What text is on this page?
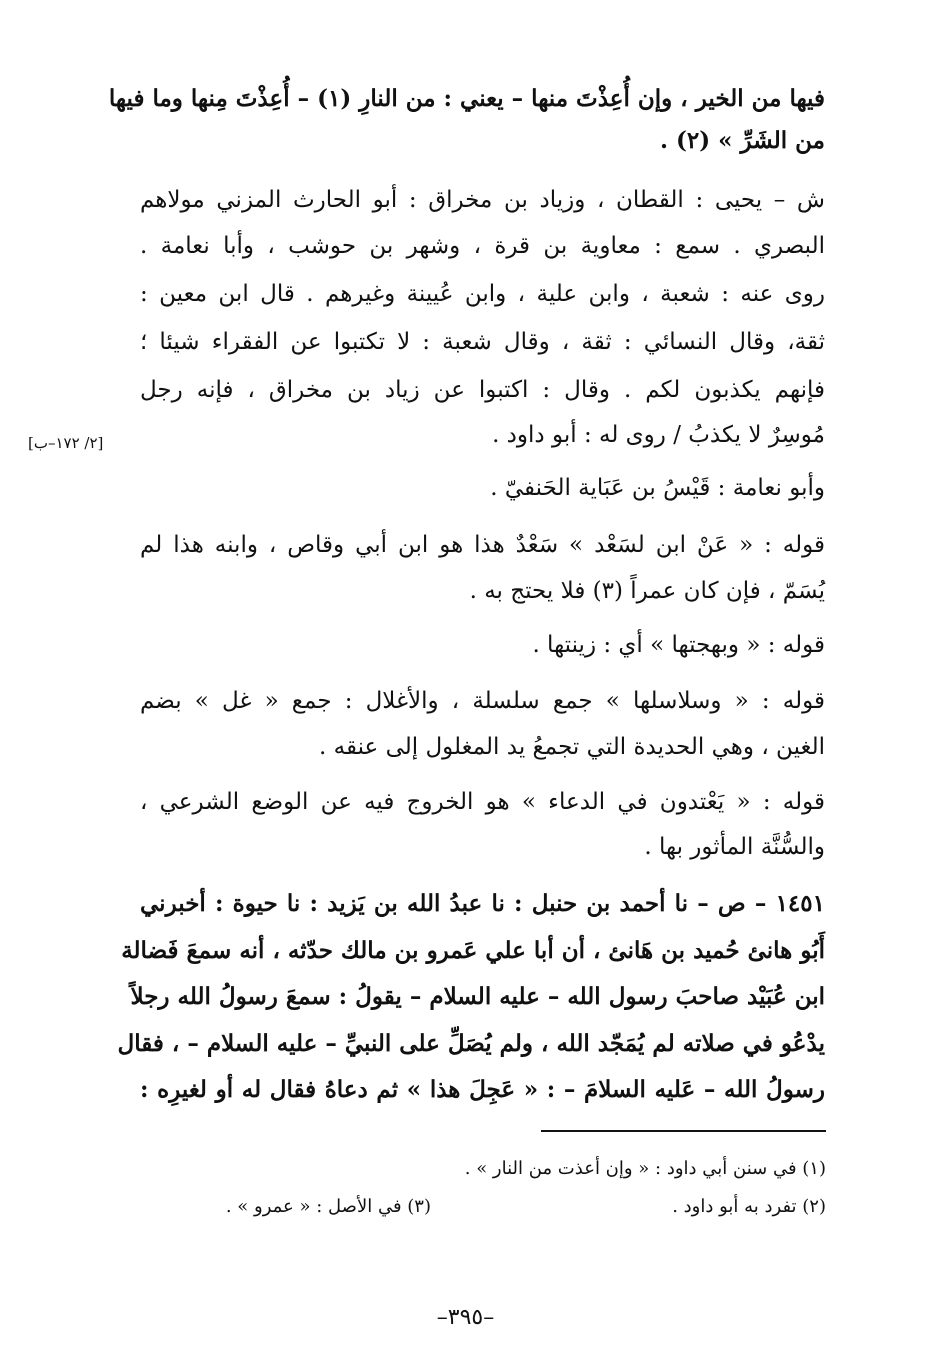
فيها من الخير ، وإن أُعِذْتَ منها – يعني : من النارِ (١) – أُعِذْتَ مِنها وما فيها
من الشَرِّ » (٢) .
ش – يحيى : القطان ، وزياد بن مخراق : أبو الحارث المزني مولاهم
البصري . سمع : معاوية بن قرة ، وشهر بن حوشب ، وأبا نعامة .
روى عنه : شعبة ، وابن علية ، وابن عُيينة وغيرهم . قال ابن معين :
ثقة، وقال النسائي : ثقة ، وقال شعبة : لا تكتبوا عن الفقراء شيئا ؛
فإنهم يكذبون لكم . وقال : اكتبوا عن زياد بن مخراق ، فإنه رجل
مُوسِرٌ لا يكذبُ / روى له : أبو داود .
وأبو نعامة : قَيْسُ بن عَبَاية الحَنفيّ .
قوله : « عَنْ ابن لسَعْد » سَعْدٌ هذا هو ابن أبي وقاص ، وابنه هذا لم
يُسَمّ ، فإن كان عمراً (٣) فلا يحتج به .
قوله : « وبهجتها » أي : زينتها .
قوله : « وسلاسلها » جمع سلسلة ، والأغلال : جمع « غل » بضم
الغين ، وهي الحديدة التي تجمعُ يد المغلول إلى عنقه .
قوله : « يَعْتدون في الدعاء » هو الخروج فيه عن الوضع الشرعي ،
والسُّنَّة المأثور بها .
١٤٥١ – ص – نا أحمد بن حنبل : نا عبدُ الله بن يَزيد : نا حيوة : أخبرني
أَبُو هانئ حُميد بن هَانئ ، أن أبا علي عَمرو بن مالك حدّثه ، أنه سمعَ فَضالة
ابن عُبَيْد صاحبَ رسول الله – عليه السلام – يقولُ : سمعَ رسولُ الله رجلاً
يدْعُو في صلاته لم يُمَجّد الله ، ولم يُصَلِّ على النبيِّ – عليه السلام – ، فقال
رسولُ الله – عَليه السلامَ – : « عَجِلَ هذا » ثم دعاهُ فقال له أو لغيرِه :
[٢/ ١٧٢–ب]
(١) في سنن أبي داود : « وإن أعذت من النار » .
(٢) تفرد به أبو داود .
(٣) في الأصل : « عمرو » .
–٣٩٥–
